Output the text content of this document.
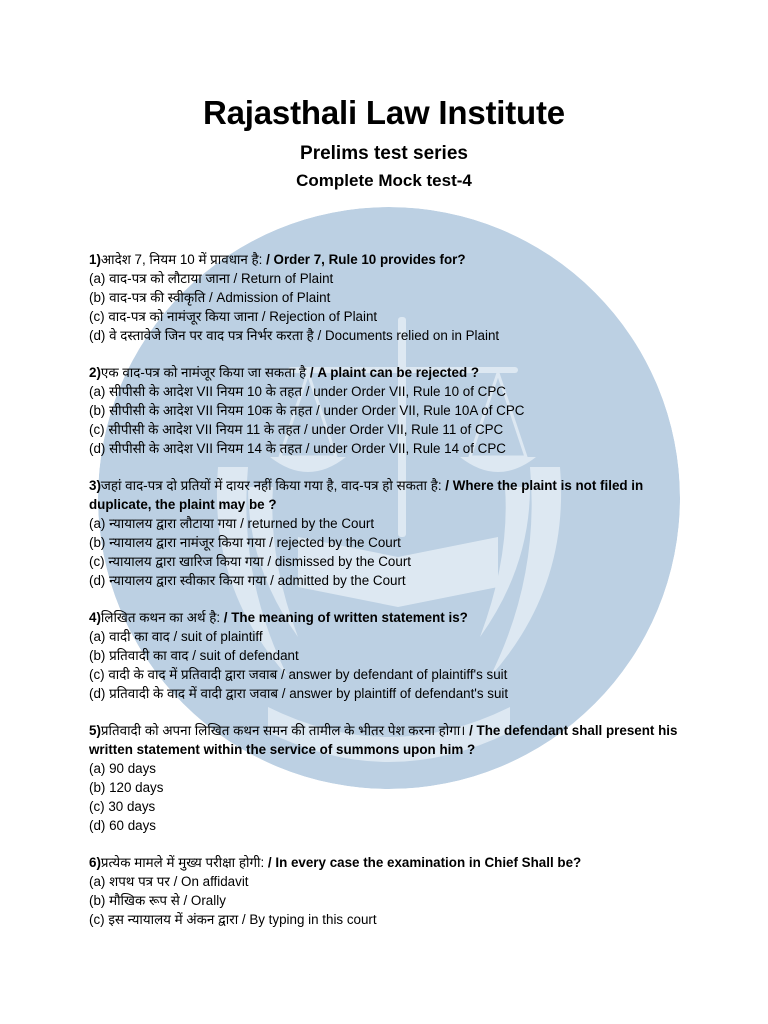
Rajasthali Law Institute
Prelims test series
Complete Mock test-4
1)आदेश 7, नियम 10 में प्रावधान है: / Order 7, Rule 10 provides for?
(a) वाद-पत्र को लौटाया जाना / Return of Plaint
(b) वाद-पत्र की स्वीकृति / Admission of Plaint
(c) वाद-पत्र को नामंजूर किया जाना / Rejection of Plaint
(d) वे दस्तावेजे जिन पर वाद पत्र निर्भर करता है / Documents relied on in Plaint
2)एक वाद-पत्र को नामंजूर किया जा सकता है / A plaint can be rejected ?
(a) सीपीसी के आदेश VII नियम 10 के तहत / under Order VII, Rule 10 of CPC
(b) सीपीसी के आदेश VII नियम 10क के तहत / under Order VII, Rule 10A of CPC
(c) सीपीसी के आदेश VII नियम 11 के तहत / under Order VII, Rule 11 of CPC
(d) सीपीसी के आदेश VII नियम 14 के तहत / under Order VII, Rule 14 of CPC
3)जहां वाद-पत्र दो प्रतियों में दायर नहीं किया गया है, वाद-पत्र हो सकता है: / Where the plaint is not filed in duplicate, the plaint may be ?
(a) न्यायालय द्वारा लौटाया गया / returned by the Court
(b) न्यायालय द्वारा नामंजूर किया गया / rejected by the Court
(c) न्यायालय द्वारा खारिज किया गया / dismissed by the Court
(d) न्यायालय द्वारा स्वीकार किया गया / admitted by the Court
4)लिखित कथन का अर्थ है: / The meaning of written statement is?
(a) वादी का वाद / suit of plaintiff
(b) प्रतिवादी का वाद / suit of defendant
(c) वादी के वाद में प्रतिवादी द्वारा जवाब / answer by defendant of plaintiff's suit
(d) प्रतिवादी के वाद में वादी द्वारा जवाब / answer by plaintiff of defendant's suit
5)प्रतिवादी को अपना लिखित कथन समन की तामील के भीतर पेश करना होगा। / The defendant shall present his written statement within the service of summons upon him ?
(a) 90 days
(b) 120 days
(c) 30 days
(d) 60 days
6)प्रत्येक मामले में मुख्य परीक्षा होगी: / In every case the examination in Chief Shall be?
(a) शपथ पत्र पर / On affidavit
(b) मौखिक रूप से / Orally
(c) इस न्यायालय में अंकन द्वारा / By typing in this court
